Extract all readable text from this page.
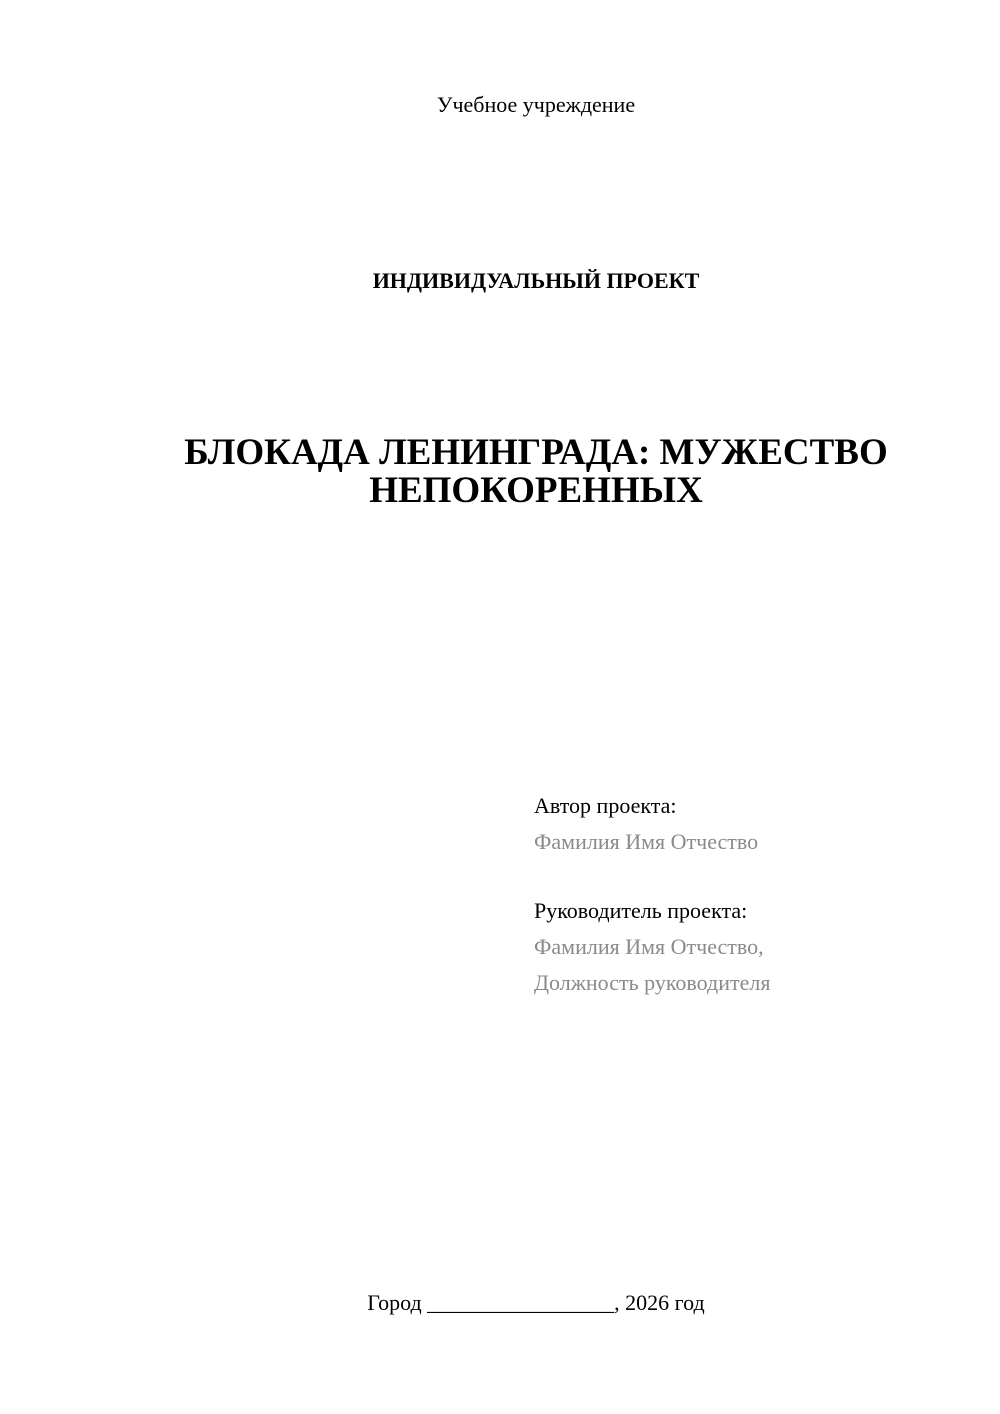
Учебное учреждение
ИНДИВИДУАЛЬНЫЙ ПРОЕКТ
БЛОКАДА ЛЕНИНГРАДА: МУЖЕСТВО
НЕПОКОРЕННЫХ
Автор проекта:
Фамилия Имя Отчество
Руководитель проекта:
Фамилия Имя Отчество,
Должность руководителя
Город _________________, 2026 год
